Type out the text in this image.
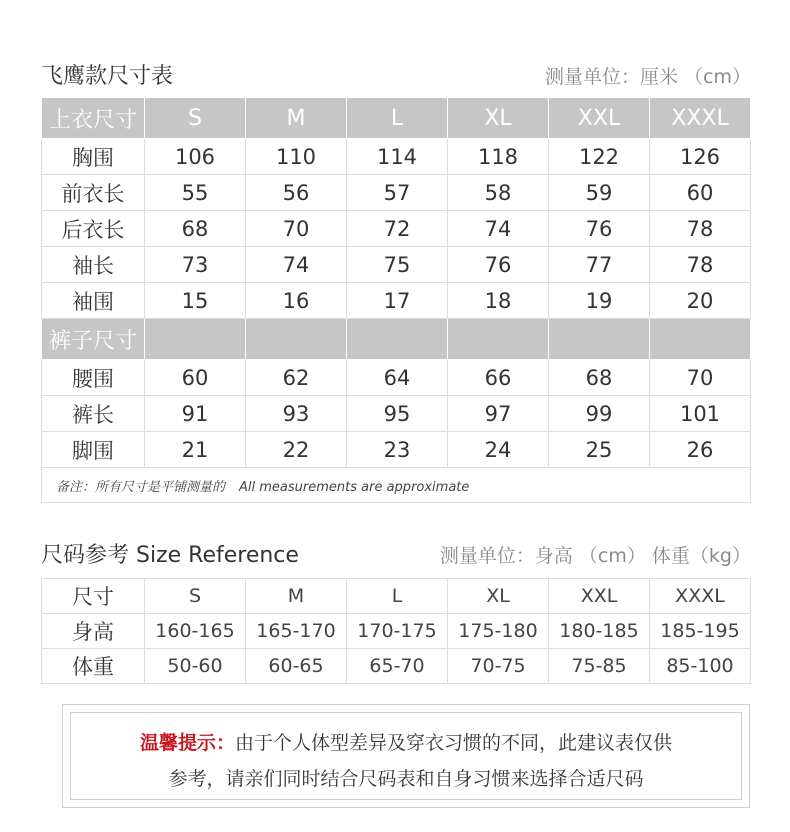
飞鹰款尺寸表	测量单位：厘米 （cm）
上衣尺寸	S	M	L	XL	XXL	XXXL
胸围	106	110	114	118	122	126
前衣长	55	56	57	58	59	60
后衣长	68	70	72	74	76	78
袖长	73	74	75	76	77	78
袖围	15	16	17	18	19	20
裤子尺寸						
腰围	60	62	64	66	68	70
裤长	91	93	95	97	99	101
脚围	21	22	23	24	25	26
备注：所有尺寸是平铺测量的 All measurements are approximate						
尺码参考 Size Reference	测量单位：身高 （cm） 体重（kg）
尺寸	S	M	L	XL	XXL	XXXL
身高	160-165	165-170	170-175	175-180	180-185	185-195
体重	50-60	60-65	65-70	70-75	75-85	85-100
温馨提示：由于个人体型差异及穿衣习惯的不同，此建议表仅供
参考，请亲们同时结合尺码表和自身习惯来选择合适尺码
